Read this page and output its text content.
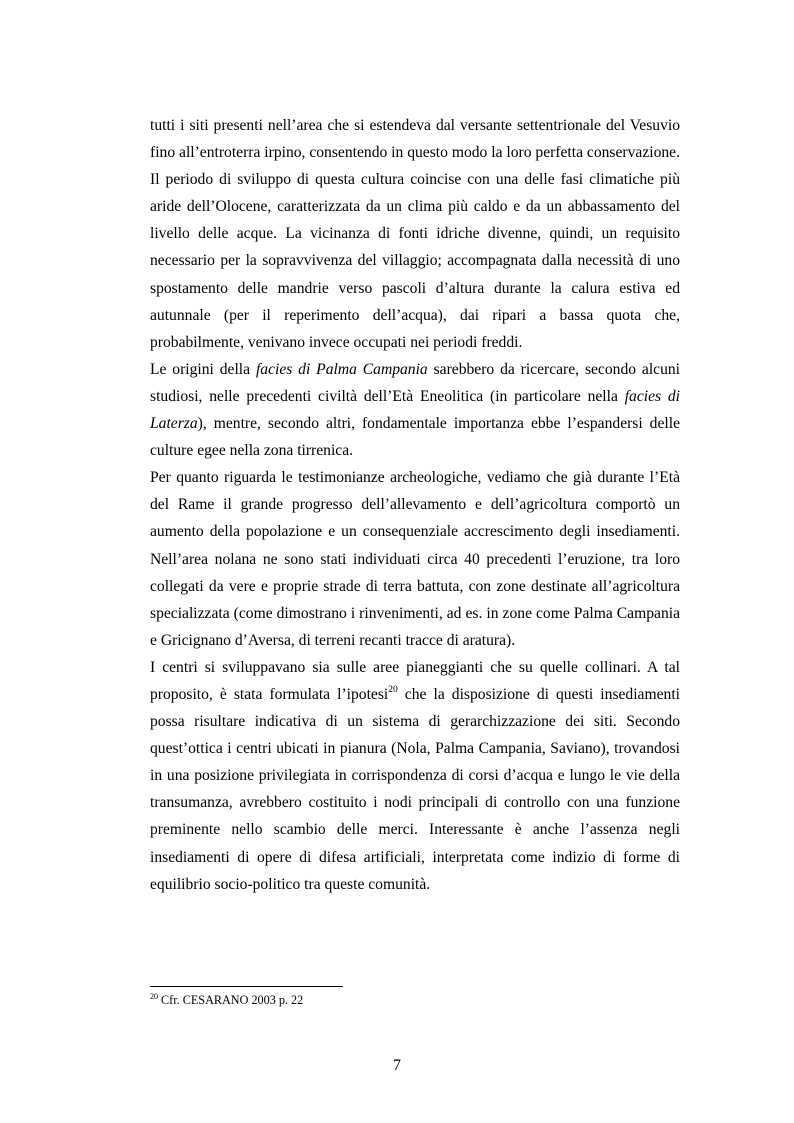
tutti i siti presenti nell’area che si estendeva dal versante settentrionale del Vesuvio fino all’entroterra irpino, consentendo in questo modo la loro perfetta conservazione.

Il periodo di sviluppo di questa cultura coincise con una delle fasi climatiche più aride dell’Olocene, caratterizzata da un clima più caldo e da un abbassamento del livello delle acque. La vicinanza di fonti idriche divenne, quindi, un requisito necessario per la sopravvivenza del villaggio; accompagnata dalla necessità di uno spostamento delle mandrie verso pascoli d’altura durante la calura estiva ed autunnale (per il reperimento dell’acqua), dai ripari a bassa quota che, probabilmente, venivano invece occupati nei periodi freddi.

Le origini della facies di Palma Campania sarebbero da ricercare, secondo alcuni studiosi, nelle precedenti civiltà dell’Età Eneolitica (in particolare nella facies di Laterza), mentre, secondo altri, fondamentale importanza ebbe l’espandersi delle culture egee nella zona tirrenica.

Per quanto riguarda le testimonianze archeologiche, vediamo che già durante l’Età del Rame il grande progresso dell’allevamento e dell’agricoltura comportò un aumento della popolazione e un consequenziale accrescimento degli insediamenti. Nell’area nolana ne sono stati individuati circa 40 precedenti l’eruzione, tra loro collegati da vere e proprie strade di terra battuta, con zone destinate all’agricoltura specializzata (come dimostrano i rinvenimenti, ad es. in zone come Palma Campania e Gricignano d’Aversa, di terreni recanti tracce di aratura).

I centri si sviluppavano sia sulle aree pianeggianti che su quelle collinari. A tal proposito, è stata formulata l’ipotesi$^{20}$ che la disposizione di questi insediamenti possa risultare indicativa di un sistema di gerarchizzazione dei siti. Secondo quest’ottica i centri ubicati in pianura (Nola, Palma Campania, Saviano), trovandosi in una posizione privilegiata in corrispondenza di corsi d’acqua e lungo le vie della transumanza, avrebbero costituito i nodi principali di controllo con una funzione preminente nello scambio delle merci. Interessante è anche l’assenza negli insediamenti di opere di difesa artificiali, interpretata come indizio di forme di equilibrio socio-politico tra queste comunità.

$^{20}$ Cfr. CESARANO 2003 p. 22
7
